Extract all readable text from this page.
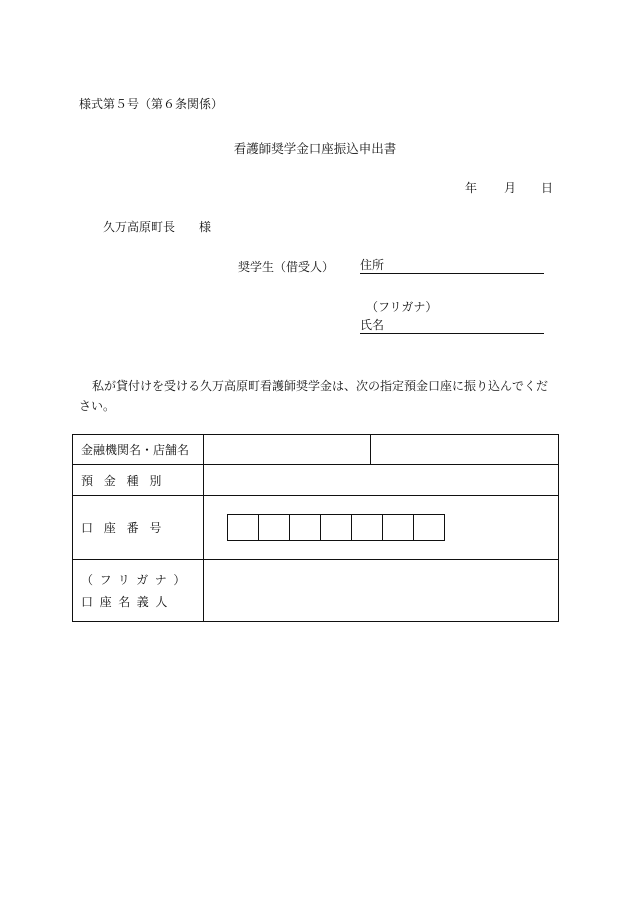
様式第５号（第６条関係）
看護師奨学金口座振込申出書
年 月 日
久万高原町長 様
奨学生（借受人） 住所
（フリガナ）
氏名
私が貸付けを受ける久万高原町看護師奨学金は、次の指定預金口座に振り込んでください。
金融機関名・店舗名		
預金種別		
口座番号		

（フリガナ）
口座名義人		
